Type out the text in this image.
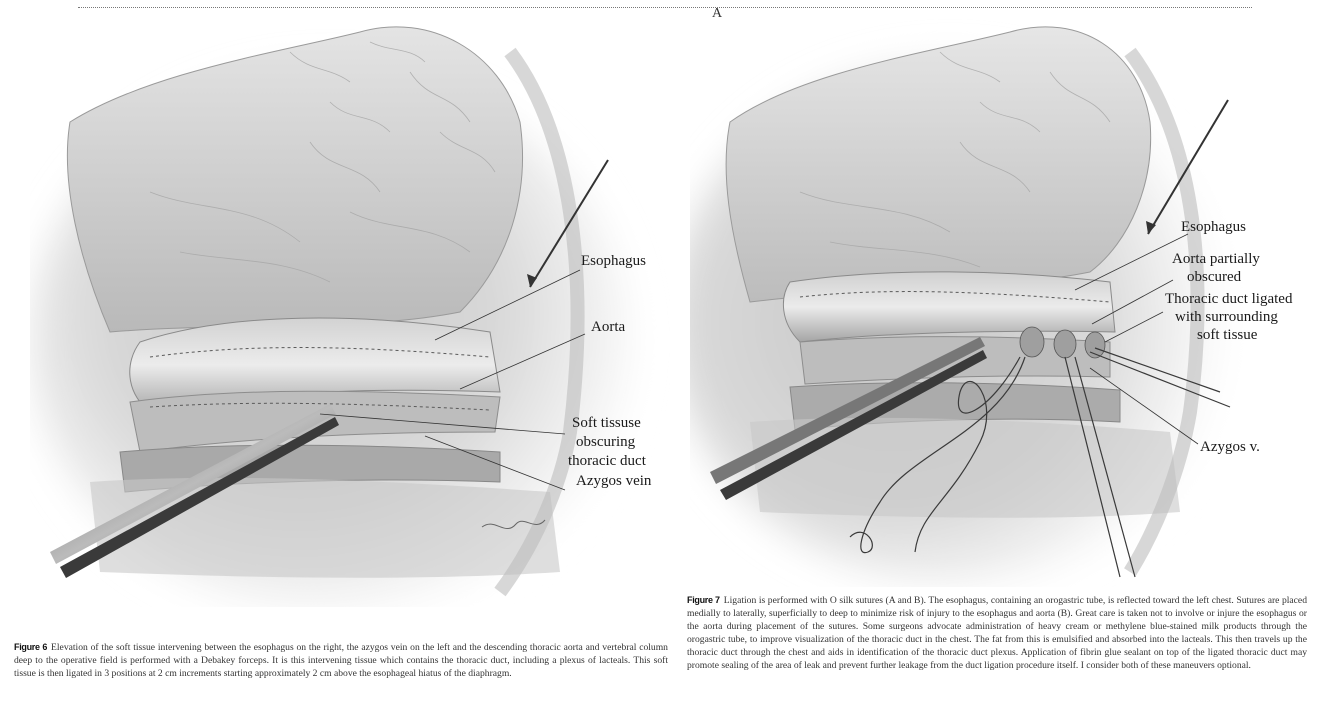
A
Esophagus
Aorta
Soft tissuse
obscuring
thoracic duct
Azygos vein
Esophagus
Aorta partially
obscured
Thoracic duct ligated
with surrounding
soft tissue
Azygos v.
Figure 6 Elevation of the soft tissue intervening between the esophagus on the right, the azygos vein on the left and the descending thoracic aorta and vertebral column deep to the operative field is performed with a Debakey forceps. It is this intervening tissue which contains the thoracic duct, including a plexus of lacteals. This soft tissue is then ligated in 3 positions at 2 cm increments starting approximately 2 cm above the esophageal hiatus of the diaphragm.
Figure 7 Ligation is performed with O silk sutures (A and B). The esophagus, containing an orogastric tube, is reflected toward the left chest. Sutures are placed medially to laterally, superficially to deep to minimize risk of injury to the esophagus and aorta (B). Great care is taken not to involve or injure the esophagus or the aorta during placement of the sutures. Some surgeons advocate administration of heavy cream or methylene blue-stained milk products through the orogastric tube, to improve visualization of the thoracic duct in the chest. The fat from this is emulsified and absorbed into the lacteals. This then travels up the thoracic duct through the chest and aids in identification of the thoracic duct plexus. Application of fibrin glue sealant on top of the ligated thoracic duct may promote sealing of the area of leak and prevent further leakage from the duct ligation procedure itself. I consider both of these maneuvers optional.
